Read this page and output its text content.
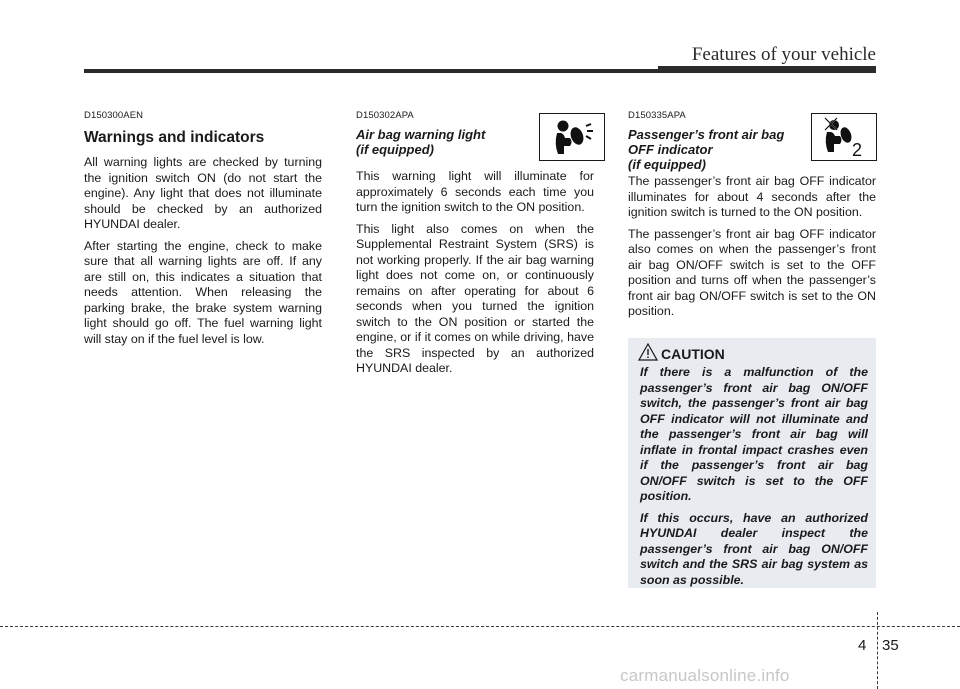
Features of your vehicle
D150300AEN
Warnings and indicators

All warning lights are checked by turning the ignition switch ON (do not start the engine). Any light that does not illuminate should be checked by an authorized HYUNDAI dealer.

After starting the engine, check to make sure that all warning lights are off. If any are still on, this indicates a situation that needs attention. When releasing the parking brake, the brake system warning light should go off. The fuel warning light will stay on if the fuel level is low.

D150302APA
Air bag warning light
(if equipped)

This warning light will illuminate for approximately 6 seconds each time you turn the ignition switch to the ON position.

This light also comes on when the Supplemental Restraint System (SRS) is not working properly. If the air bag warning light does not come on, or continuously remains on after operating for about 6 seconds when you turned the ignition switch to the ON position or started the engine, or if it comes on while driving, have the SRS inspected by an authorized HYUNDAI dealer.

D150335APA
Passenger’s front air bag
OFF indicator
(if equipped)

The passenger’s front air bag OFF indicator illuminates for about 4 seconds after the ignition switch is turned to the ON position.

The passenger’s front air bag OFF indicator also comes on when the passenger’s front air bag ON/OFF switch is set to the OFF position and turns off when the passenger’s front air bag ON/OFF switch is set to the ON position.

2
CAUTION

If there is a malfunction of the passenger’s front air bag ON/OFF switch, the passenger’s front air bag OFF indicator will not illuminate and the passenger’s front air bag will inflate in frontal impact crashes even if the passenger’s front air bag ON/OFF switch is set to the OFF position.

If this occurs, have an authorized HYUNDAI dealer inspect the passenger’s front air bag ON/OFF switch and the SRS air bag system as soon as possible.

4 35
carmanualsonline.info
